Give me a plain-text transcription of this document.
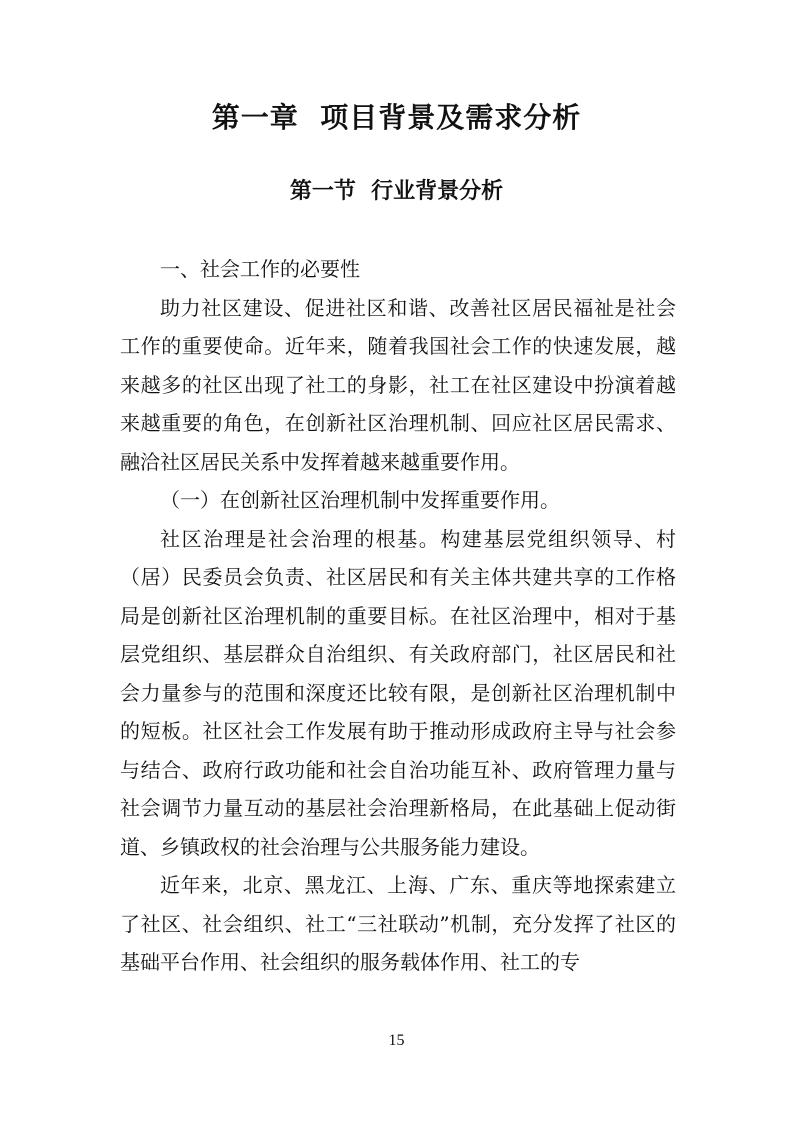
第一章  项目背景及需求分析
第一节  行业背景分析

一、社会工作的必要性

助力社区建设、促进社区和谐、改善社区居民福祉是社会工作的重要使命。近年来，随着我国社会工作的快速发展，越来越多的社区出现了社工的身影，社工在社区建设中扮演着越来越重要的角色，在创新社区治理机制、回应社区居民需求、融洽社区居民关系中发挥着越来越重要作用。

（一）在创新社区治理机制中发挥重要作用。

社区治理是社会治理的根基。构建基层党组织领导、村（居）民委员会负责、社区居民和有关主体共建共享的工作格局是创新社区治理机制的重要目标。在社区治理中，相对于基层党组织、基层群众自治组织、有关政府部门，社区居民和社会力量参与的范围和深度还比较有限，是创新社区治理机制中的短板。社区社会工作发展有助于推动形成政府主导与社会参与结合、政府行政功能和社会自治功能互补、政府管理力量与社会调节力量互动的基层社会治理新格局，在此基础上促动街道、乡镇政权的社会治理与公共服务能力建设。

近年来，北京、黑龙江、上海、广东、重庆等地探索建立了社区、社会组织、社工“三社联动”机制，充分发挥了社区的基础平台作用、社会组织的服务载体作用、社工的专

15
